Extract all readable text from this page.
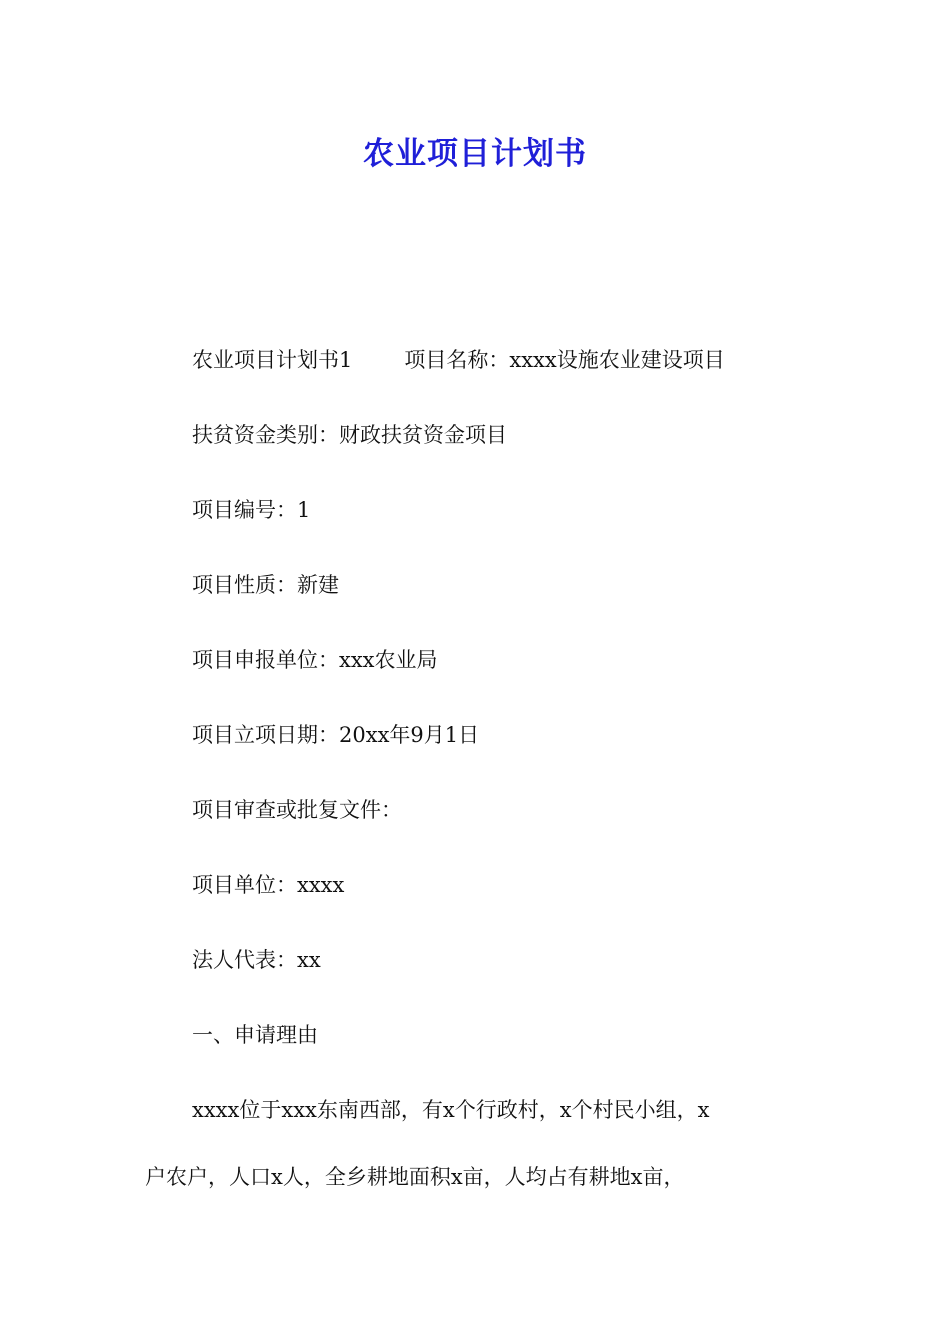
农业项目计划书

农业项目计划书1 项目名称：xxxx设施农业建设项目

扶贫资金类别：财政扶贫资金项目

项目编号：1

项目性质：新建

项目申报单位：xxx农业局

项目立项日期：20xx年9月1日

项目审查或批复文件：

项目单位：xxxx

法人代表：xx

一、申请理由

xxxx位于xxx东南西部，有x个行政村，x个村民小组，x

户农户，人口x人，全乡耕地面积x亩，人均占有耕地x亩，
